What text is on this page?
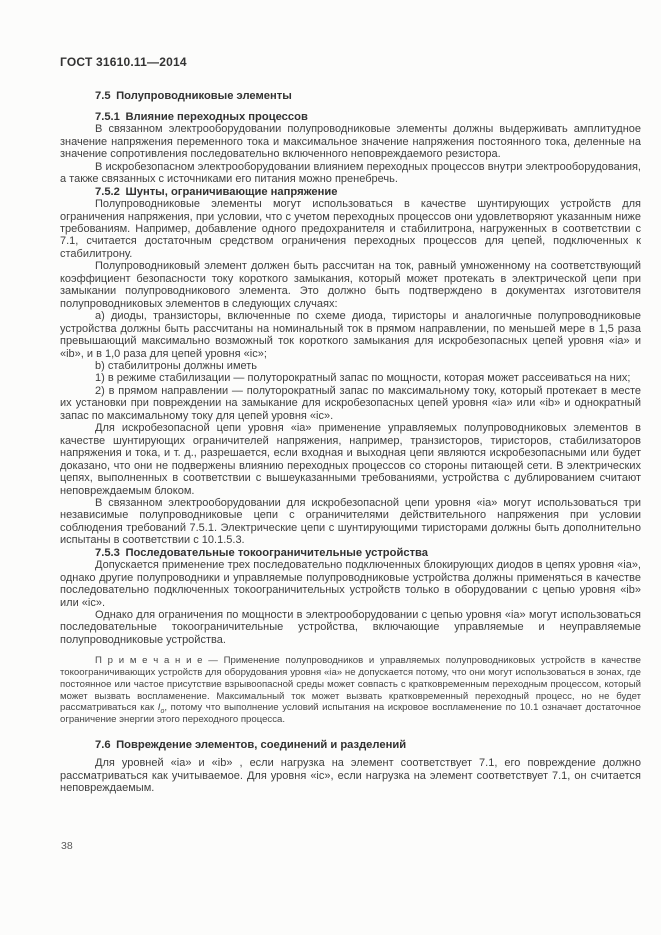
ГОСТ 31610.11—2014
7.5 Полупроводниковые элементы
7.5.1 Влияние переходных процессов

В связанном электрооборудовании полупроводниковые элементы должны выдерживать амплитудное значение напряжения переменного тока и максимальное значение напряжения постоянного тока, деленные на значение сопротивления последовательно включенного неповреждаемого резистора.

В искробезопасном электрооборудовании влиянием переходных процессов внутри электрооборудования, а также связанных с источниками его питания можно пренебречь.

7.5.2 Шунты, ограничивающие напряжение

Полупроводниковые элементы могут использоваться в качестве шунтирующих устройств для ограничения напряжения, при условии, что с учетом переходных процессов они удовлетворяют указанным ниже требованиям. Например, добавление одного предохранителя и стабилитрона, нагруженных в соответствии с 7.1, считается достаточным средством ограничения переходных процессов для цепей, подключенных к стабилитрону.

Полупроводниковый элемент должен быть рассчитан на ток, равный умноженному на соответствующий коэффициент безопасности току короткого замыкания, который может протекать в электрической цепи при замыкании полупроводникового элемента. Это должно быть подтверждено в документах изготовителя полупроводниковых элементов в следующих случаях:

a) диоды, транзисторы, включенные по схеме диода, тиристоры и аналогичные полупроводниковые устройства должны быть рассчитаны на номинальный ток в прямом направлении, по меньшей мере в 1,5 раза превышающий максимально возможный ток короткого замыкания для искробезопасных цепей уровня «ia» и «ib», и в 1,0 раза для цепей уровня «ic»;

b) стабилитроны должны иметь

1) в режиме стабилизации — полуторократный запас по мощности, которая может рассеиваться на них;

2) в прямом направлении — полуторократный запас по максимальному току, который протекает в месте их установки при повреждении на замыкание для искробезопасных цепей уровня «ia» или «ib» и однократный запас по максимальному току для цепей уровня «ic».

Для искробезопасной цепи уровня «ia» применение управляемых полупроводниковых элементов в качестве шунтирующих ограничителей напряжения, например, транзисторов, тиристоров, стабилизаторов напряжения и тока, и т. д., разрешается, если входная и выходная цепи являются искробезопасными или будет доказано, что они не подвержены влиянию переходных процессов со стороны питающей сети. В электрических цепях, выполненных в соответствии с вышеуказанными требованиями, устройства с дублированием считают неповреждаемым блоком.

В связанном электрооборудовании для искробезопасной цепи уровня «ia» могут использоваться три независимые полупроводниковые цепи с ограничителями действительного напряжения при условии соблюдения требований 7.5.1. Электрические цепи с шунтирующими тиристорами должны быть дополнительно испытаны в соответствии с 10.1.5.3.

7.5.3 Последовательные токоограничительные устройства

Допускается применение трех последовательно подключенных блокирующих диодов в цепях уровня «ia», однако другие полупроводники и управляемые полупроводниковые устройства должны применяться в качестве последовательно подключенных токоограничительных устройств только в оборудовании с цепью уровня «ib» или «ic».

Однако для ограничения по мощности в электрооборудовании с цепью уровня «ia» могут использоваться последовательные токоограничительные устройства, включающие управляемые и неуправляемые полупроводниковые устройства.

П р и м е ч а н и е — Применение полупроводников и управляемых полупроводниковых устройств в качестве токоограничивающих устройств для оборудования уровня «ia» не допускается потому, что они могут использоваться в зонах, где постоянное или частое присутствие взрывоопасной среды может совпасть с кратковременным переходным процессом, который может вызвать воспламенение. Максимальный ток может вызвать кратковременный переходный процесс, но не будет рассматриваться как $I_о$, потому что выполнение условий испытания на искровое воспламенение по 10.1 означает достаточное ограничение энергии этого переходного процесса.

7.6 Повреждение элементов, соединений и разделений

Для уровней «ia» и «ib» , если нагрузка на элемент соответствует 7.1, его повреждение должно рассматриваться как учитываемое. Для уровня «ic», если нагрузка на элемент соответствует 7.1, он считается неповреждаемым.

38
